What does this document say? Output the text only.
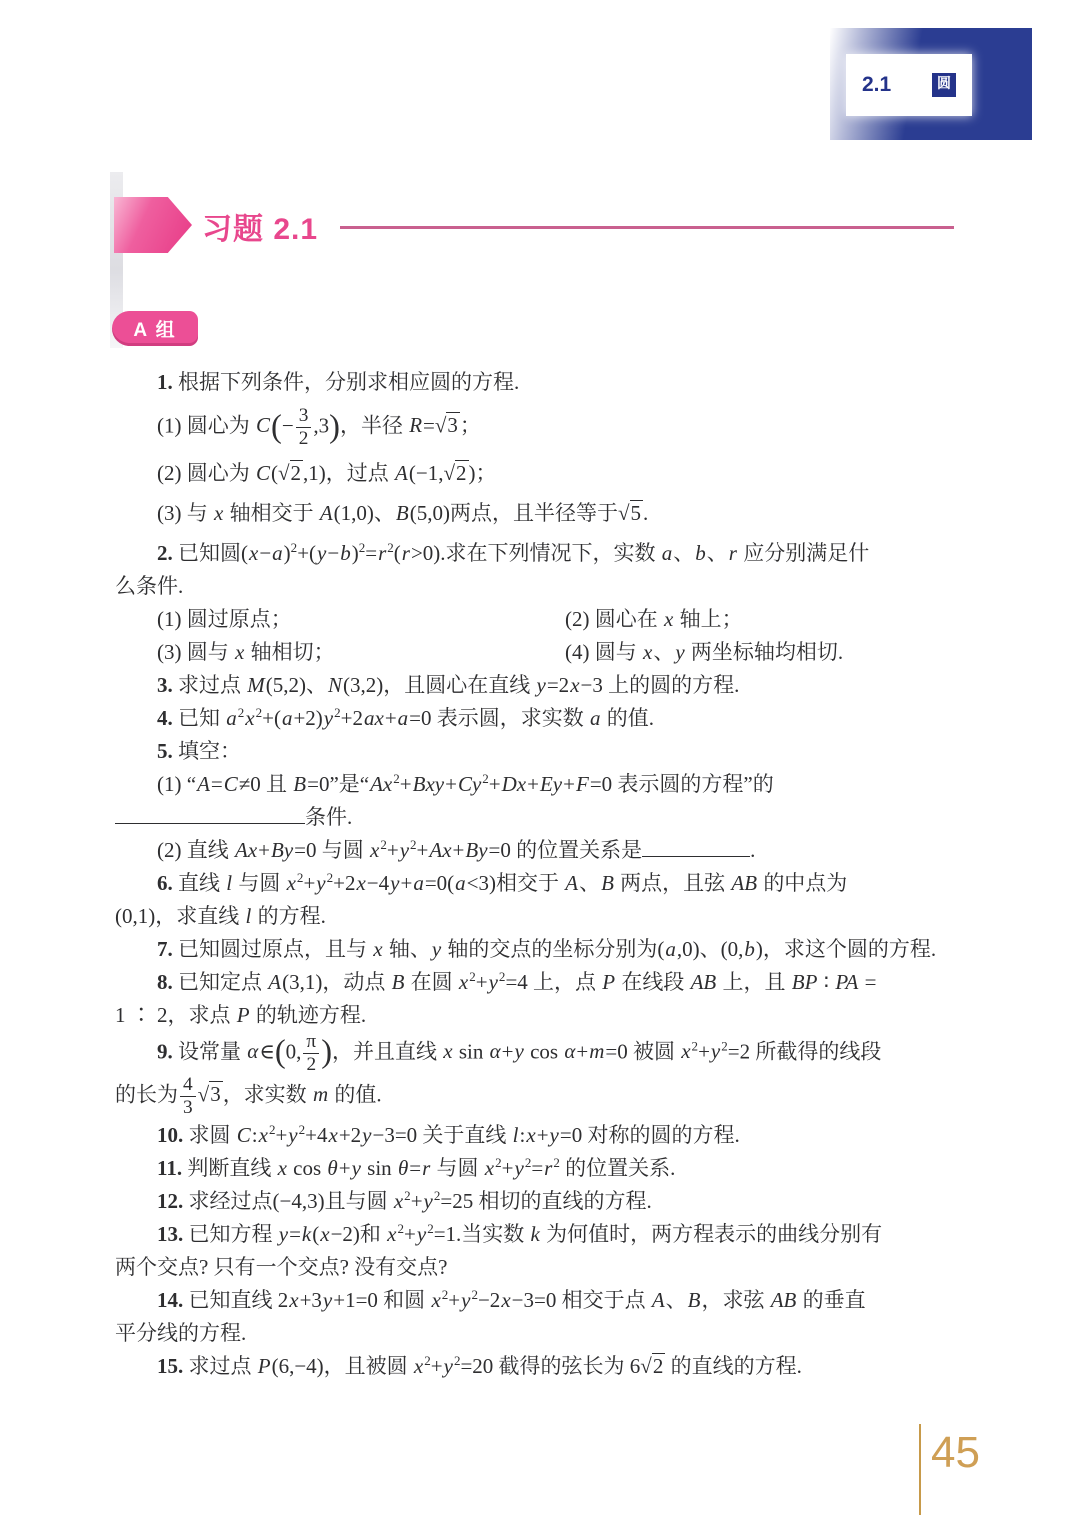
2.1	圆
习题 2.1
A 组
1. 根据下列条件，分别求相应圆的方程.
(1) 圆心为 $C(- \frac{3}{2} ,3)$，半径 R=√3；
(2) 圆心为 C(√2,1)，过点 A(−1,√2)；
(3) 与 x 轴相交于 A(1,0)、B(5,0)两点，且半径等于√5.
2. 已知圆$(x-a)^2+(y-b)^2=r^2(r>0)$.求在下列情况下，实数 a、b、r 应分别满足什
么条件.
(1) 圆过原点；	(2) 圆心在 x 轴上；
(3) 圆与 x 轴相切；	(4) 圆与 x、y 两坐标轴均相切.
3. 求过点 M(5,2)、N(3,2)，且圆心在直线 y=2x−3 上的圆的方程.
4. 已知 $a^2x^2+(a+2)y^2+2ax+a=0$ 表示圆，求实数 a 的值.
5. 填空：
(1) “A=C≠0 且 B=0”是“$Ax^2+Bxy+Cy^2+Dx+Ey+F=0$ 表示圆的方程”的
条件.
(2) 直线 Ax+By=0 与圆 $x^2+y^2+Ax+By=0$ 的位置关系是	.
6. 直线 l 与圆 $x^2+y^2+2x-4y+a=0(a<3)$相交于 A、B 两点，且弦 AB 的中点为
(0,1)，求直线 l 的方程.
7. 已知圆过原点，且与 x 轴、y 轴的交点的坐标分别为(a,0)、(0,b)，求这个圆的方程.
8. 已知定点 A(3,1)，动点 B 在圆 $x^2+y^2=4$ 上，点 P 在线段 AB 上，且 BP ∶ PA =
1 ∶ 2，求点 P 的轨迹方程.
9. 设常量 α∈(0, $\frac{\pi}{2}$ )，并且直线 x sin α+y cos α+m=0 被圆 $x^2+y^2=2$ 所截得的线段
的长为 $\frac{4}{3} √3$，求实数 m 的值.
10. 求圆 $C:x^2+y^2+4x+2y-3=0$ 关于直线 l:x+y=0 对称的圆的方程.
11. 判断直线 x cos θ+y sin θ=r 与圆 $x^2+y^2=r^2$ 的位置关系.
12. 求经过点(−4,3)且与圆 $x^2+y^2=25$ 相切的直线的方程.
13. 已知方程 y=k(x−2)和 $x^2+y^2=1$.当实数 k 为何值时，两方程表示的曲线分别有
两个交点? 只有一个交点? 没有交点?
14. 已知直线 2x+3y+1=0 和圆 $x^2+y^2-2x-3=0$ 相交于点 A、B，求弦 AB 的垂直
平分线的方程.
15. 求过点 P(6,−4)，且被圆 $x^2+y^2=20$ 截得的弦长为 6√2 的直线的方程.
45
